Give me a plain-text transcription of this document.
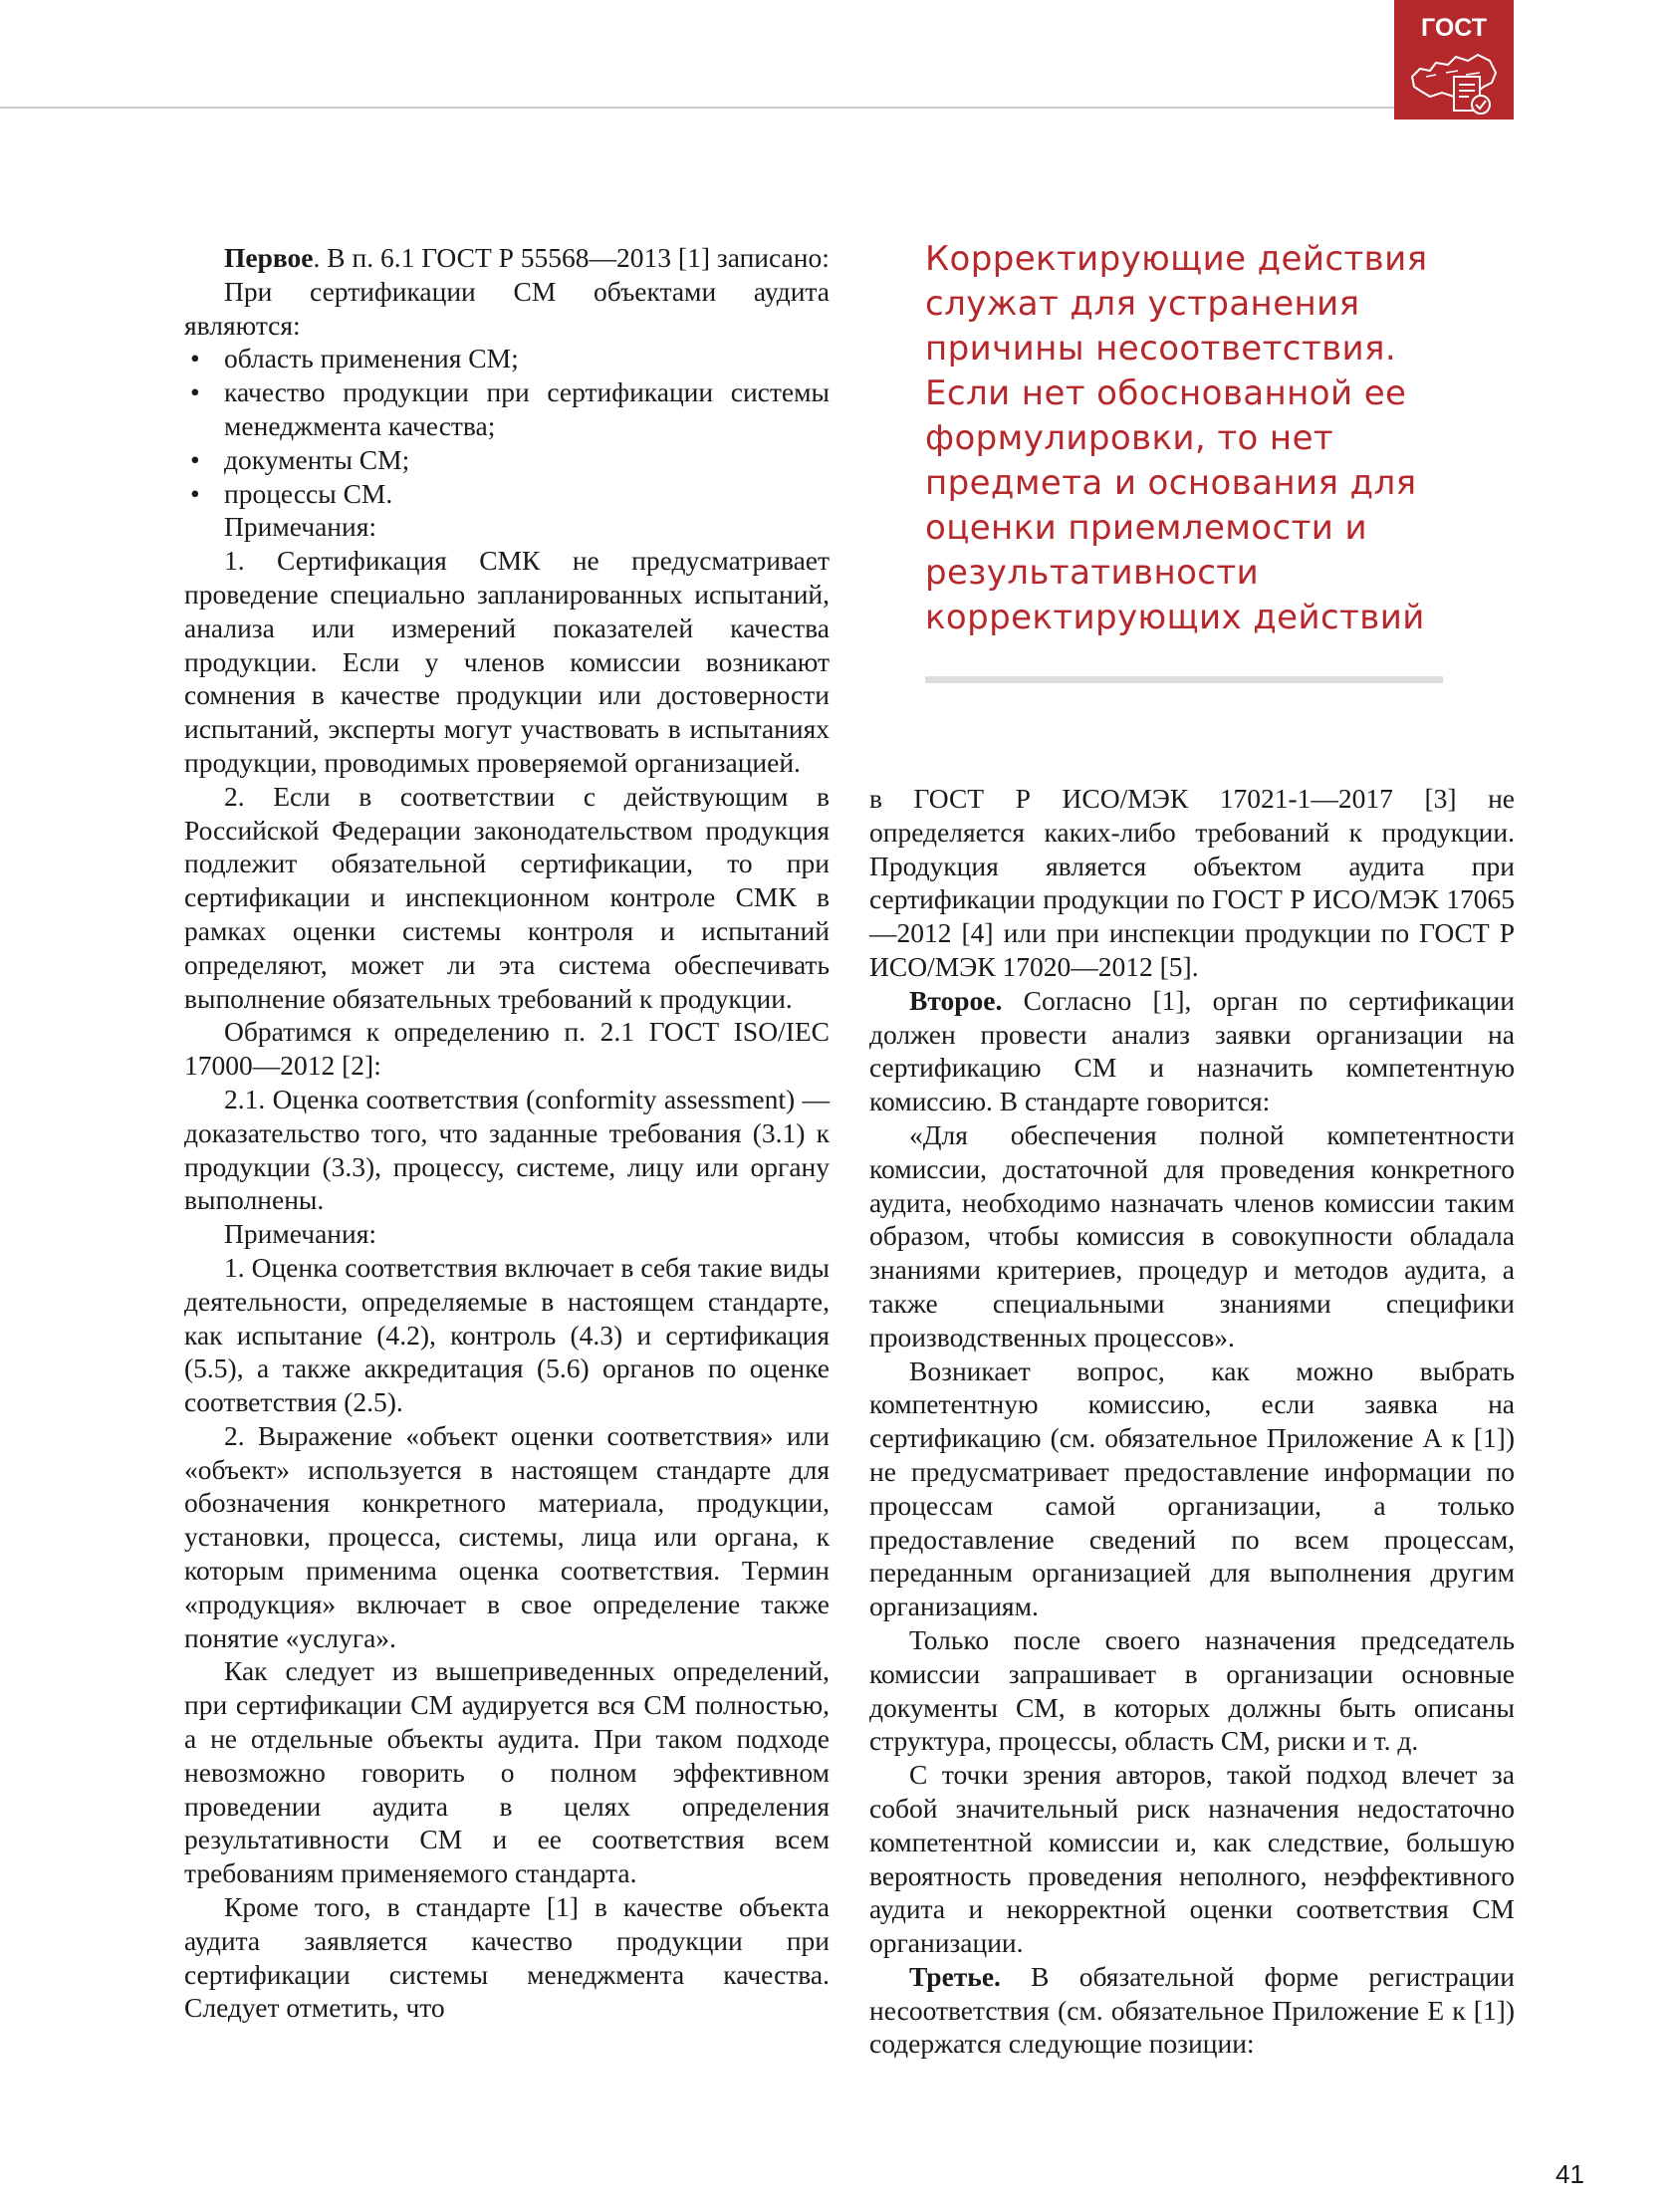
ГОСТ
Корректирующие действия служат для устранения причины несоответствия. Если нет обоснованной ее формулировки, то нет предмета и основания для оценки приемлемости и результативности корректирующих действий

Первое. В п. 6.1 ГОСТ Р 55568—2013 [1] записано:

При сертификации СМ объектами аудита являются:

• область применения СМ;
• качество продукции при сертификации системы менеджмента качества;
• документы СМ;
• процессы СМ.

Примечания:

1. Сертификация СМК не предусматривает проведение специально запланированных испытаний, анализа или измерений показателей качества продукции. Если у членов комиссии возникают сомнения в качестве продукции или достоверности испытаний, эксперты могут участвовать в испытаниях продукции, проводимых проверяемой организацией.

2. Если в соответствии с действующим в Российской Федерации законодательством продукция подлежит обязательной сертификации, то при сертификации и инспекционном контроле СМК в рамках оценки системы контроля и испытаний определяют, может ли эта система обеспечивать выполнение обязательных требований к продукции.

Обратимся к определению п. 2.1 ГОСТ ISO/IEC 17000—2012 [2]:

2.1. Оценка соответствия (conformity assessment) — доказательство того, что заданные требования (3.1) к продукции (3.3), процессу, системе, лицу или органу выполнены.

Примечания:

1. Оценка соответствия включает в себя такие виды деятельности, определяемые в настоящем стандарте, как испытание (4.2), контроль (4.3) и сертификация (5.5), а также аккредитация (5.6) органов по оценке соответствия (2.5).

2. Выражение «объект оценки соответствия» или «объект» используется в настоящем стандарте для обозначения конкретного материала, продукции, установки, процесса, системы, лица или органа, к которым применима оценка соответствия. Термин «продукция» включает в свое определение также понятие «услуга».

Как следует из вышеприведенных определений, при сертификации СМ аудируется вся СМ полностью, а не отдельные объекты аудита. При таком подходе невозможно говорить о полном эффективном проведении аудита в целях определения результативности СМ и ее соответствия всем требованиям применяемого стандарта.

Кроме того, в стандарте [1] в качестве объекта аудита заявляется качество продукции при сертификации системы менеджмента качества. Следует отметить, что

в ГОСТ Р ИСО/МЭК 17021-1—2017 [3] не определяется каких-либо требований к продукции. Продукция является объектом аудита при сертификации продукции по ГОСТ Р ИСО/МЭК 17065—2012 [4] или при инспекции продукции по ГОСТ Р ИСО/МЭК 17020—2012 [5].

Второе. Согласно [1], орган по сертификации должен провести анализ заявки организации на сертификацию СМ и назначить компетентную комиссию. В стандарте говорится:

«Для обеспечения полной компетентности комиссии, достаточной для проведения конкретного аудита, необходимо назначать членов комиссии таким образом, чтобы комиссия в совокупности обладала знаниями критериев, процедур и методов аудита, а также специальными знаниями специфики производственных процессов».

Возникает вопрос, как можно выбрать компетентную комиссию, если заявка на сертификацию (см. обязательное Приложение А к [1]) не предусматривает предоставление информации по процессам самой организации, а только предоставление сведений по всем процессам, переданным организацией для выполнения другим организациям.

Только после своего назначения председатель комиссии запрашивает в организации основные документы СМ, в которых должны быть описаны структура, процессы, область СМ, риски и т. д.

С точки зрения авторов, такой подход влечет за собой значительный риск назначения недостаточно компетентной комиссии и, как следствие, большую вероятность проведения неполного, неэффективного аудита и некорректной оценки соответствия СМ организации.

Третье. В обязательной форме регистрации несоответствия (см. обязательное Приложение Е к [1]) содержатся следующие позиции:

41
